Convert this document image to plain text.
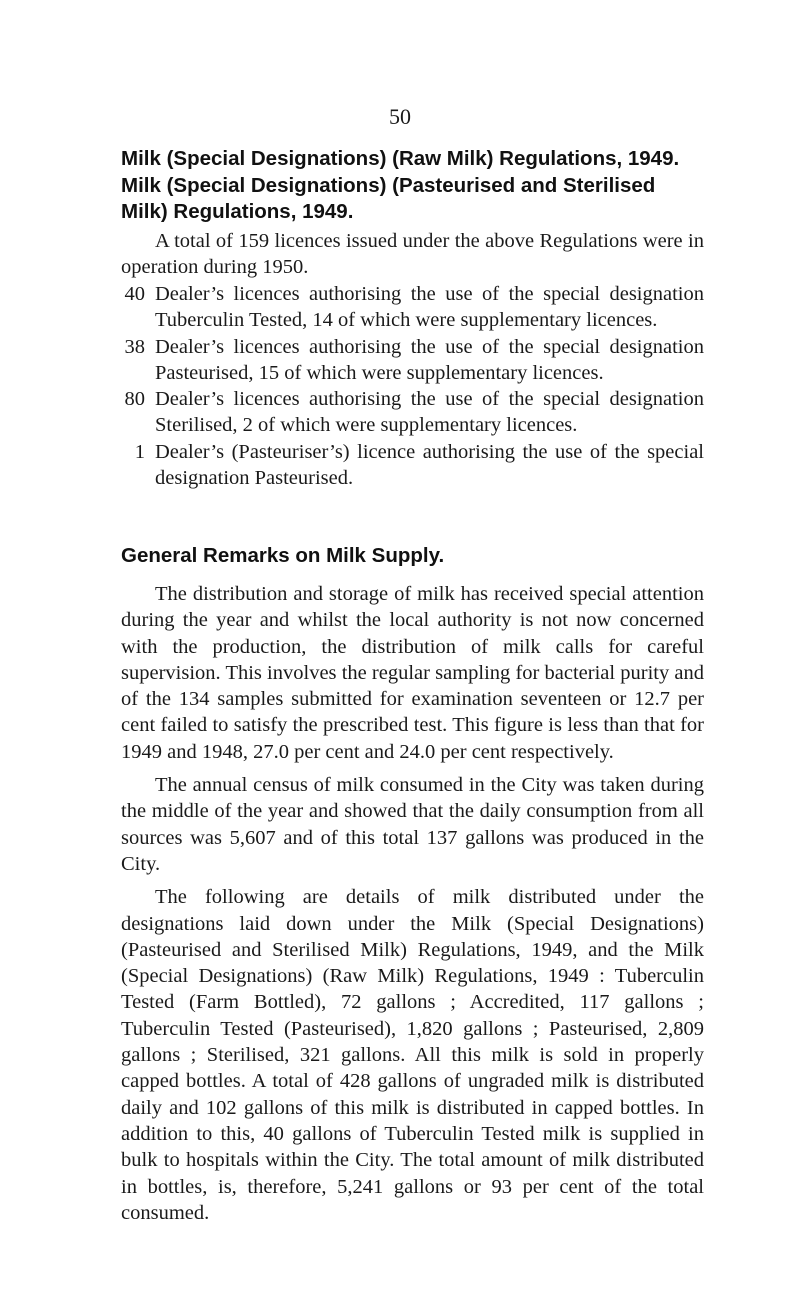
50
Milk (Special Designations) (Raw Milk) Regulations, 1949.
Milk (Special Designations) (Pasteurised and Sterilised
Milk) Regulations, 1949.

A total of 159 licences issued under the above Regulations were in operation during 1950.

40 Dealer’s licences authorising the use of the special designation Tuberculin Tested, 14 of which were supplementary licences.
38 Dealer’s licences authorising the use of the special designation Pasteurised, 15 of which were supplementary licences.
80 Dealer’s licences authorising the use of the special designation Sterilised, 2 of which were supplementary licences.
1 Dealer’s (Pasteuriser’s) licence authorising the use of the special designation Pasteurised.
General Remarks on Milk Supply.

The distribution and storage of milk has received special attention during the year and whilst the local authority is not now concerned with the production, the distribution of milk calls for careful supervision. This involves the regular sampling for bacterial purity and of the 134 samples submitted for examination seventeen or 12.7 per cent failed to satisfy the prescribed test. This figure is less than that for 1949 and 1948, 27.0 per cent and 24.0 per cent respectively.

The annual census of milk consumed in the City was taken during the middle of the year and showed that the daily consumption from all sources was 5,607 and of this total 137 gallons was produced in the City.

The following are details of milk distributed under the designations laid down under the Milk (Special Designations) (Pasteurised and Sterilised Milk) Regulations, 1949, and the Milk (Special Designations) (Raw Milk) Regulations, 1949 : Tuberculin Tested (Farm Bottled), 72 gallons ; Accredited, 117 gallons ; Tuberculin Tested (Pasteurised), 1,820 gallons ; Pasteurised, 2,809 gallons ; Sterilised, 321 gallons. All this milk is sold in properly capped bottles. A total of 428 gallons of ungraded milk is distributed daily and 102 gallons of this milk is distributed in capped bottles. In addition to this, 40 gallons of Tuberculin Tested milk is supplied in bulk to hospitals within the City. The total amount of milk distributed in bottles, is, therefore, 5,241 gallons or 93 per cent of the total consumed.
